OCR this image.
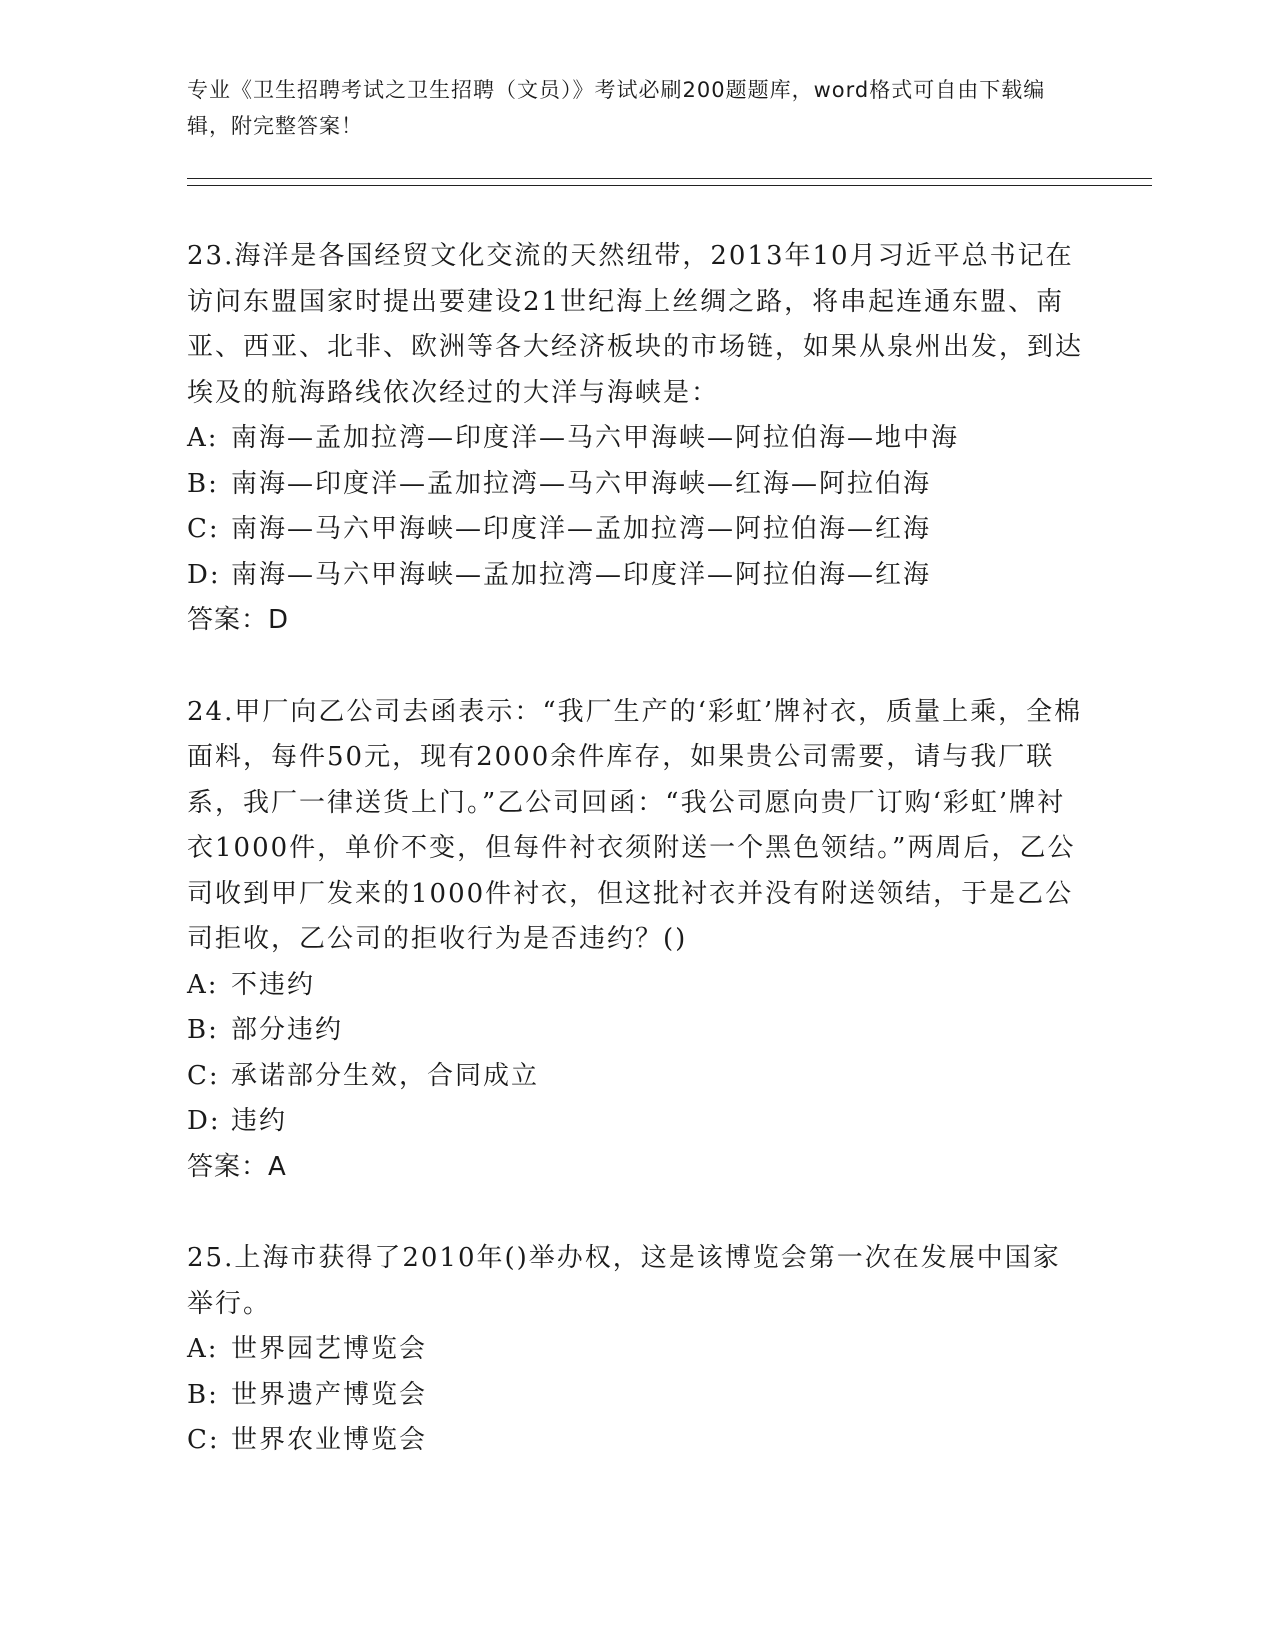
专业《卫生招聘考试之卫生招聘（文员）》考试必刷200题题库，word格式可自由下载编辑，附完整答案！

23.海洋是各国经贸文化交流的天然纽带，2013年10月习近平总书记在访问东盟国家时提出要建设21世纪海上丝绸之路，将串起连通东盟、南亚、西亚、北非、欧洲等各大经济板块的市场链，如果从泉州出发，到达埃及的航海路线依次经过的大洋与海峡是：

A: 南海—孟加拉湾—印度洋—马六甲海峡—阿拉伯海—地中海
B: 南海—印度洋—孟加拉湾—马六甲海峡—红海—阿拉伯海
C: 南海—马六甲海峡—印度洋—孟加拉湾—阿拉伯海—红海
D: 南海—马六甲海峡—孟加拉湾—印度洋—阿拉伯海—红海
答案：D

24.甲厂向乙公司去函表示：“我厂生产的‘彩虹’牌衬衣，质量上乘，全棉面料，每件50元，现有2000余件库存，如果贵公司需要，请与我厂联系，我厂一律送货上门。”乙公司回函：“我公司愿向贵厂订购‘彩虹’牌衬衣1000件，单价不变，但每件衬衣须附送一个黑色领结。”两周后，乙公司收到甲厂发来的1000件衬衣，但这批衬衣并没有附送领结，于是乙公司拒收，乙公司的拒收行为是否违约？()

A: 不违约
B: 部分违约
C: 承诺部分生效，合同成立
D: 违约
答案：A

25.上海市获得了2010年()举办权，这是该博览会第一次在发展中国家举行。

A: 世界园艺博览会
B: 世界遗产博览会
C: 世界农业博览会
